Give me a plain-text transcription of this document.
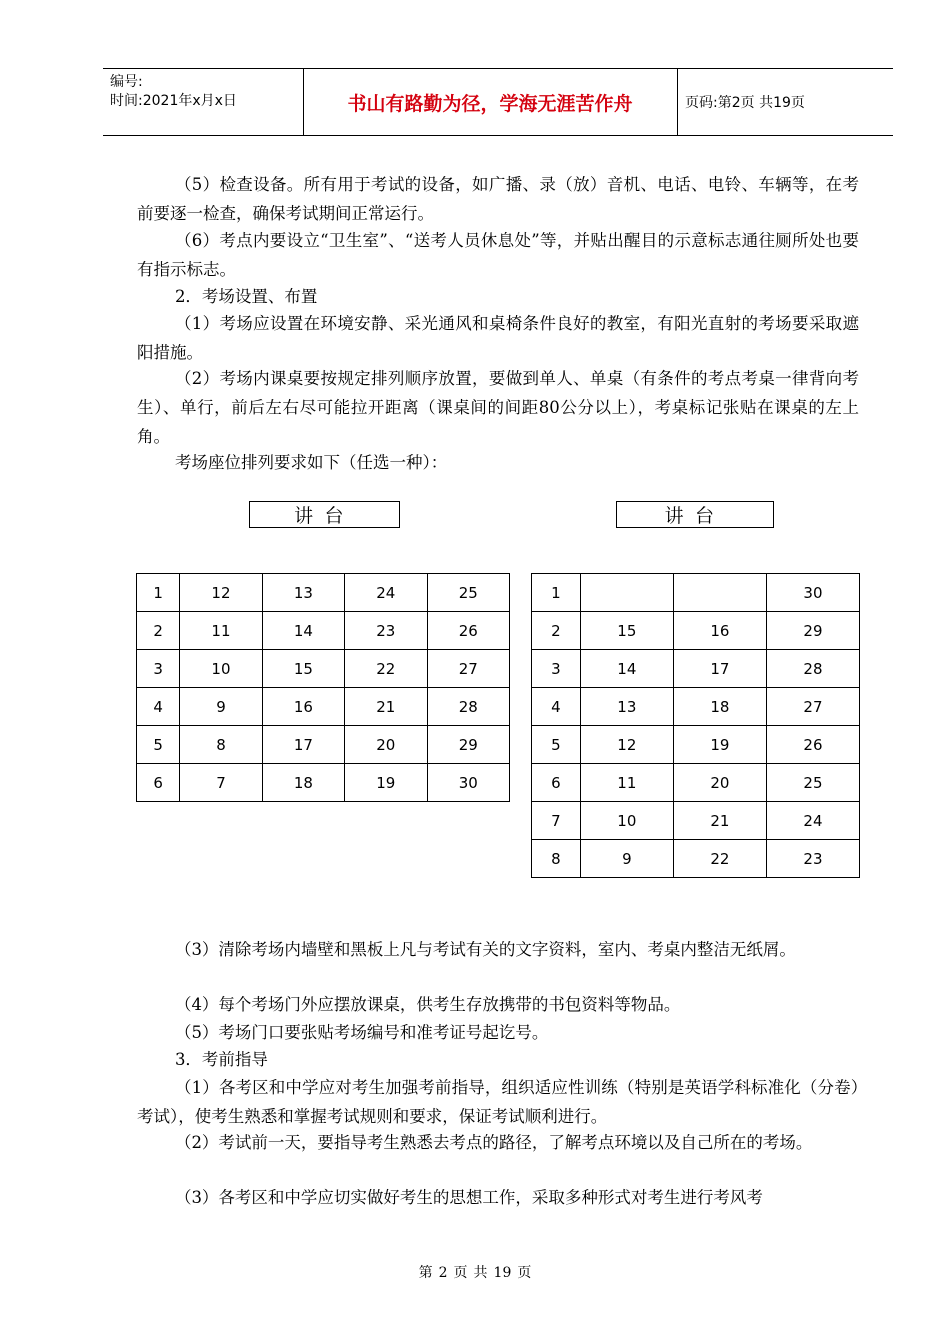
编号:
时间:2021年x月x日	书山有路勤为径，学海无涯苦作舟	页码:第2页 共19页
（5）检查设备。所有用于考试的设备，如广播、录（放）音机、电话、电铃、车辆等，在考前要逐一检查，确保考试期间正常运行。
（6）考点内要设立“卫生室”、“送考人员休息处”等，并贴出醒目的示意标志通往厕所处也要有指示标志。
2．考场设置、布置
（1）考场应设置在环境安静、采光通风和桌椅条件良好的教室，有阳光直射的考场要采取遮阳措施。
（2）考场内课桌要按规定排列顺序放置，要做到单人、单桌（有条件的考点考桌一律背向考生）、单行，前后左右尽可能拉开距离（课桌间的间距80公分以上），考桌标记张贴在课桌的左上角。
考场座位排列要求如下（任选一种）：
讲台	讲台
1	12	13	24	25
2	11	14	23	26
3	10	15	22	27
4	9	16	21	28
5	8	17	20	29
6	7	18	19	30
1			30
2	15	16	29
3	14	17	28
4	13	18	27
5	12	19	26
6	11	20	25
7	10	21	24
8	9	22	23
（3）清除考场内墙壁和黑板上凡与考试有关的文字资料，室内、考桌内整洁无纸屑。
（4）每个考场门外应摆放课桌，供考生存放携带的书包资料等物品。
（5）考场门口要张贴考场编号和准考证号起讫号。
3．考前指导
（1）各考区和中学应对考生加强考前指导，组织适应性训练（特别是英语学科标准化（分卷）考试），使考生熟悉和掌握考试规则和要求，保证考试顺利进行。
（2）考试前一天，要指导考生熟悉去考点的路径，了解考点环境以及自己所在的考场。
（3）各考区和中学应切实做好考生的思想工作，采取多种形式对考生进行考风考
第 2 页 共 19 页
